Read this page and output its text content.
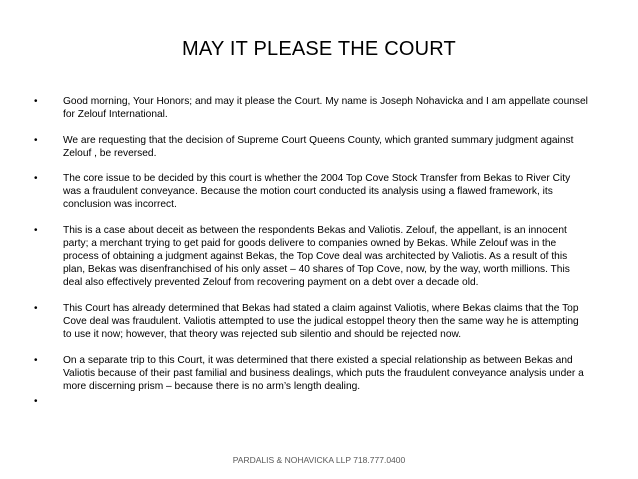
MAY IT PLEASE THE COURT
• Good morning, Your Honors; and may it please the Court. My name is Joseph Nohavicka and I am appellate counsel for Zelouf International.
• We are requesting that the decision of Supreme Court Queens County, which granted summary judgment against Zelouf , be reversed.
• The core issue to be decided by this court is whether the 2004 Top Cove Stock Transfer from Bekas to River City was a fraudulent conveyance. Because the motion court conducted its analysis using a flawed framework, its conclusion was incorrect.
• This is a case about deceit as between the respondents Bekas and Valiotis. Zelouf, the appellant, is an innocent party; a merchant trying to get paid for goods delivere to companies owned by Bekas. While Zelouf was in the process of obtaining a judgment against Bekas, the Top Cove deal was architected by Valiotis. As a result of this plan, Bekas was disenfranchised of his only asset – 40 shares of Top Cove, now, by the way, worth millions. This deal also effectively prevented Zelouf from recovering payment on a debt over a decade old.
• This Court has already determined that Bekas had stated a claim against Valiotis, where Bekas claims that the Top Cove deal was fraudulent. Valiotis attempted to use the judical estoppel theory then the same way he is attempting to use it now; however, that theory was rejected sub silentio and should be rejected now.
• On a separate trip to this Court, it was determined that there existed a special relationship as between Bekas and Valiotis because of their past familial and business dealings, which puts the fraudulent conveyance analysis under a more discerning prism – because there is no arm’s length dealing.
•
PARDALIS & NOHAVICKA LLP 718.777.0400
